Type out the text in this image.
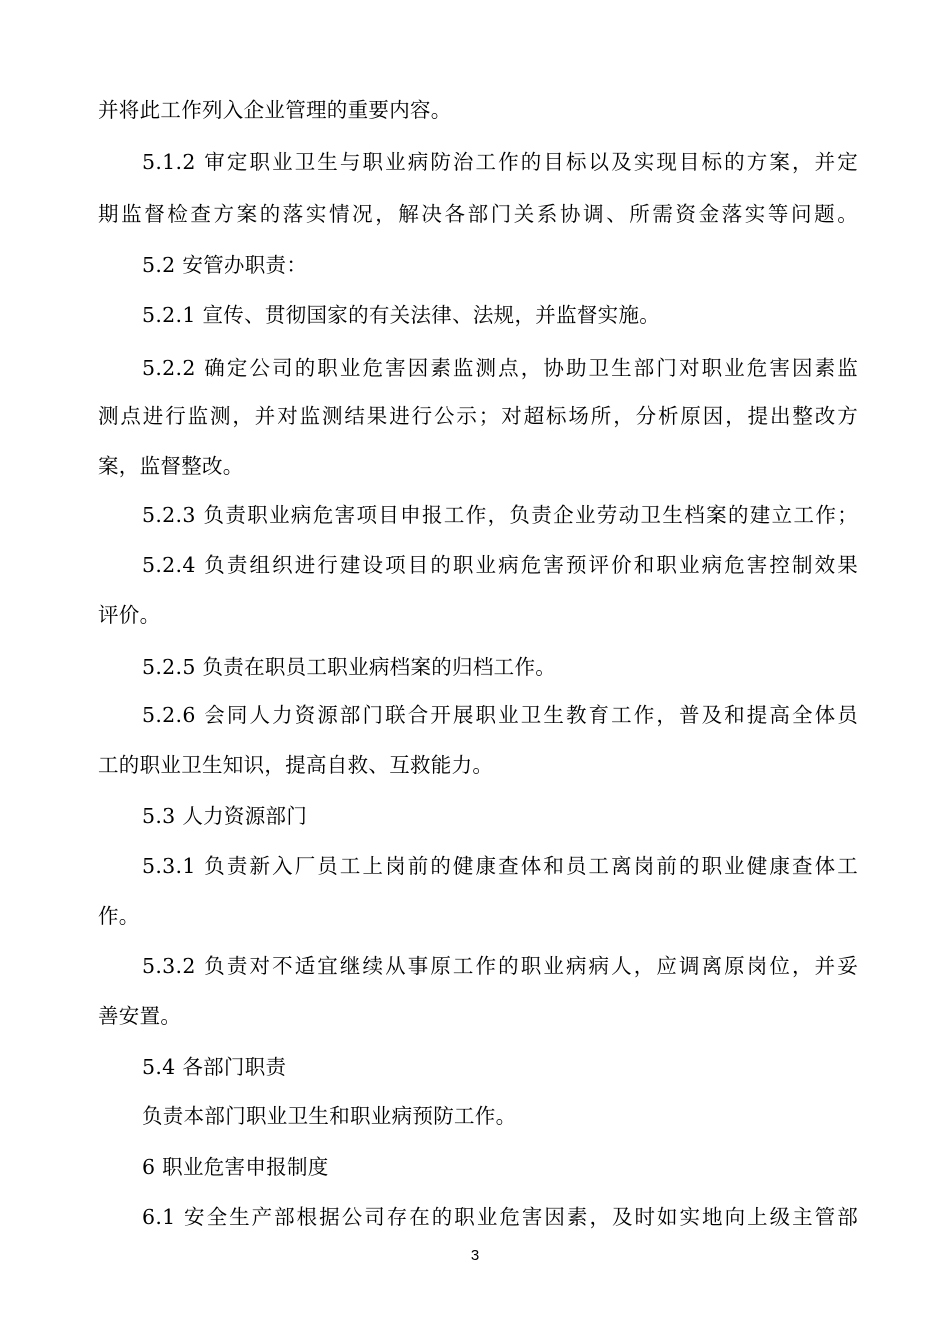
并将此工作列入企业管理的重要内容。
5.1.2 审定职业卫生与职业病防治工作的目标以及实现目标的方案，并定
期监督检查方案的落实情况，解决各部门关系协调、所需资金落实等问题。
5.2 安管办职责：
5.2.1 宣传、贯彻国家的有关法律、法规，并监督实施。
5.2.2 确定公司的职业危害因素监测点，协助卫生部门对职业危害因素监
测点进行监测，并对监测结果进行公示；对超标场所，分析原因，提出整改方
案，监督整改。
5.2.3 负责职业病危害项目申报工作，负责企业劳动卫生档案的建立工作；
5.2.4 负责组织进行建设项目的职业病危害预评价和职业病危害控制效果
评价。
5.2.5 负责在职员工职业病档案的归档工作。
5.2.6 会同人力资源部门联合开展职业卫生教育工作，普及和提高全体员
工的职业卫生知识，提高自救、互救能力。
5.3 人力资源部门
5.3.1 负责新入厂员工上岗前的健康查体和员工离岗前的职业健康查体工
作。
5.3.2 负责对不适宜继续从事原工作的职业病病人，应调离原岗位，并妥
善安置。
5.4 各部门职责
负责本部门职业卫生和职业病预防工作。
6 职业危害申报制度
6.1 安全生产部根据公司存在的职业危害因素，及时如实地向上级主管部
3
